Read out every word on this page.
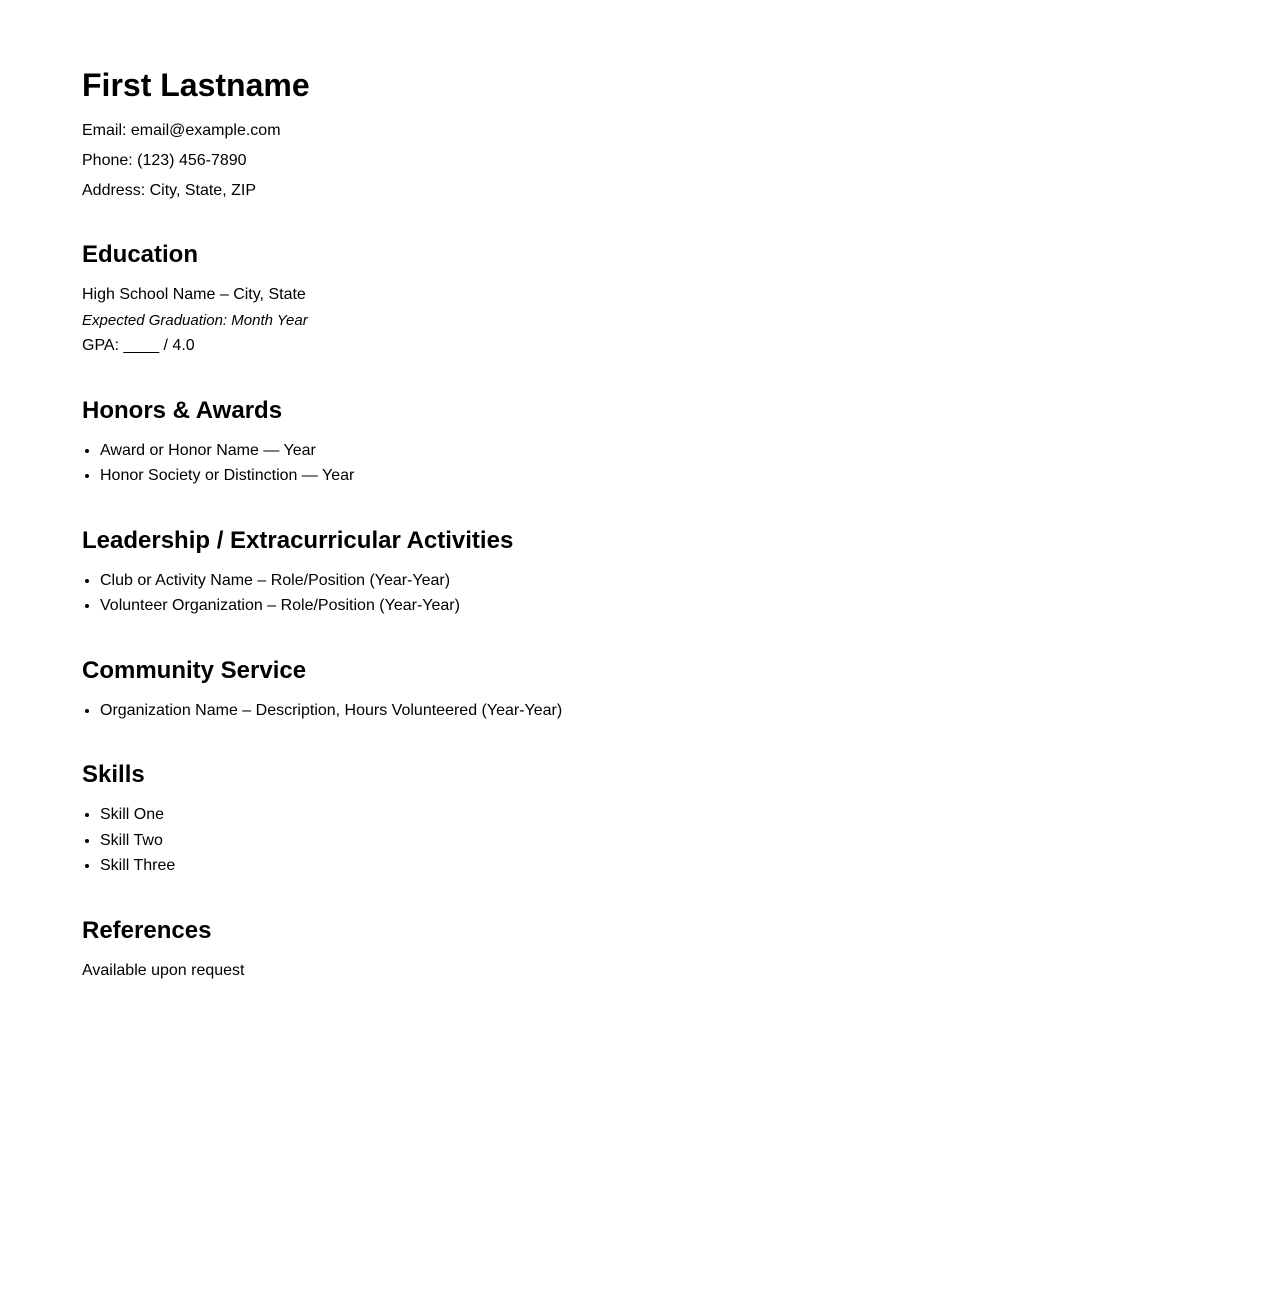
First Lastname

Email: email@example.com

Phone: (123) 456-7890

Address: City, State, ZIP

Education

High School Name – City, State

Expected Graduation: Month Year

GPA: ____ / 4.0

Honors & Awards
• Award or Honor Name — Year
• Honor Society or Distinction — Year
Leadership / Extracurricular Activities
• Club or Activity Name – Role/Position (Year-Year)
• Volunteer Organization – Role/Position (Year-Year)
Community Service
• Organization Name – Description, Hours Volunteered (Year-Year)
Skills
• Skill One
• Skill Two
• Skill Three
References

Available upon request
